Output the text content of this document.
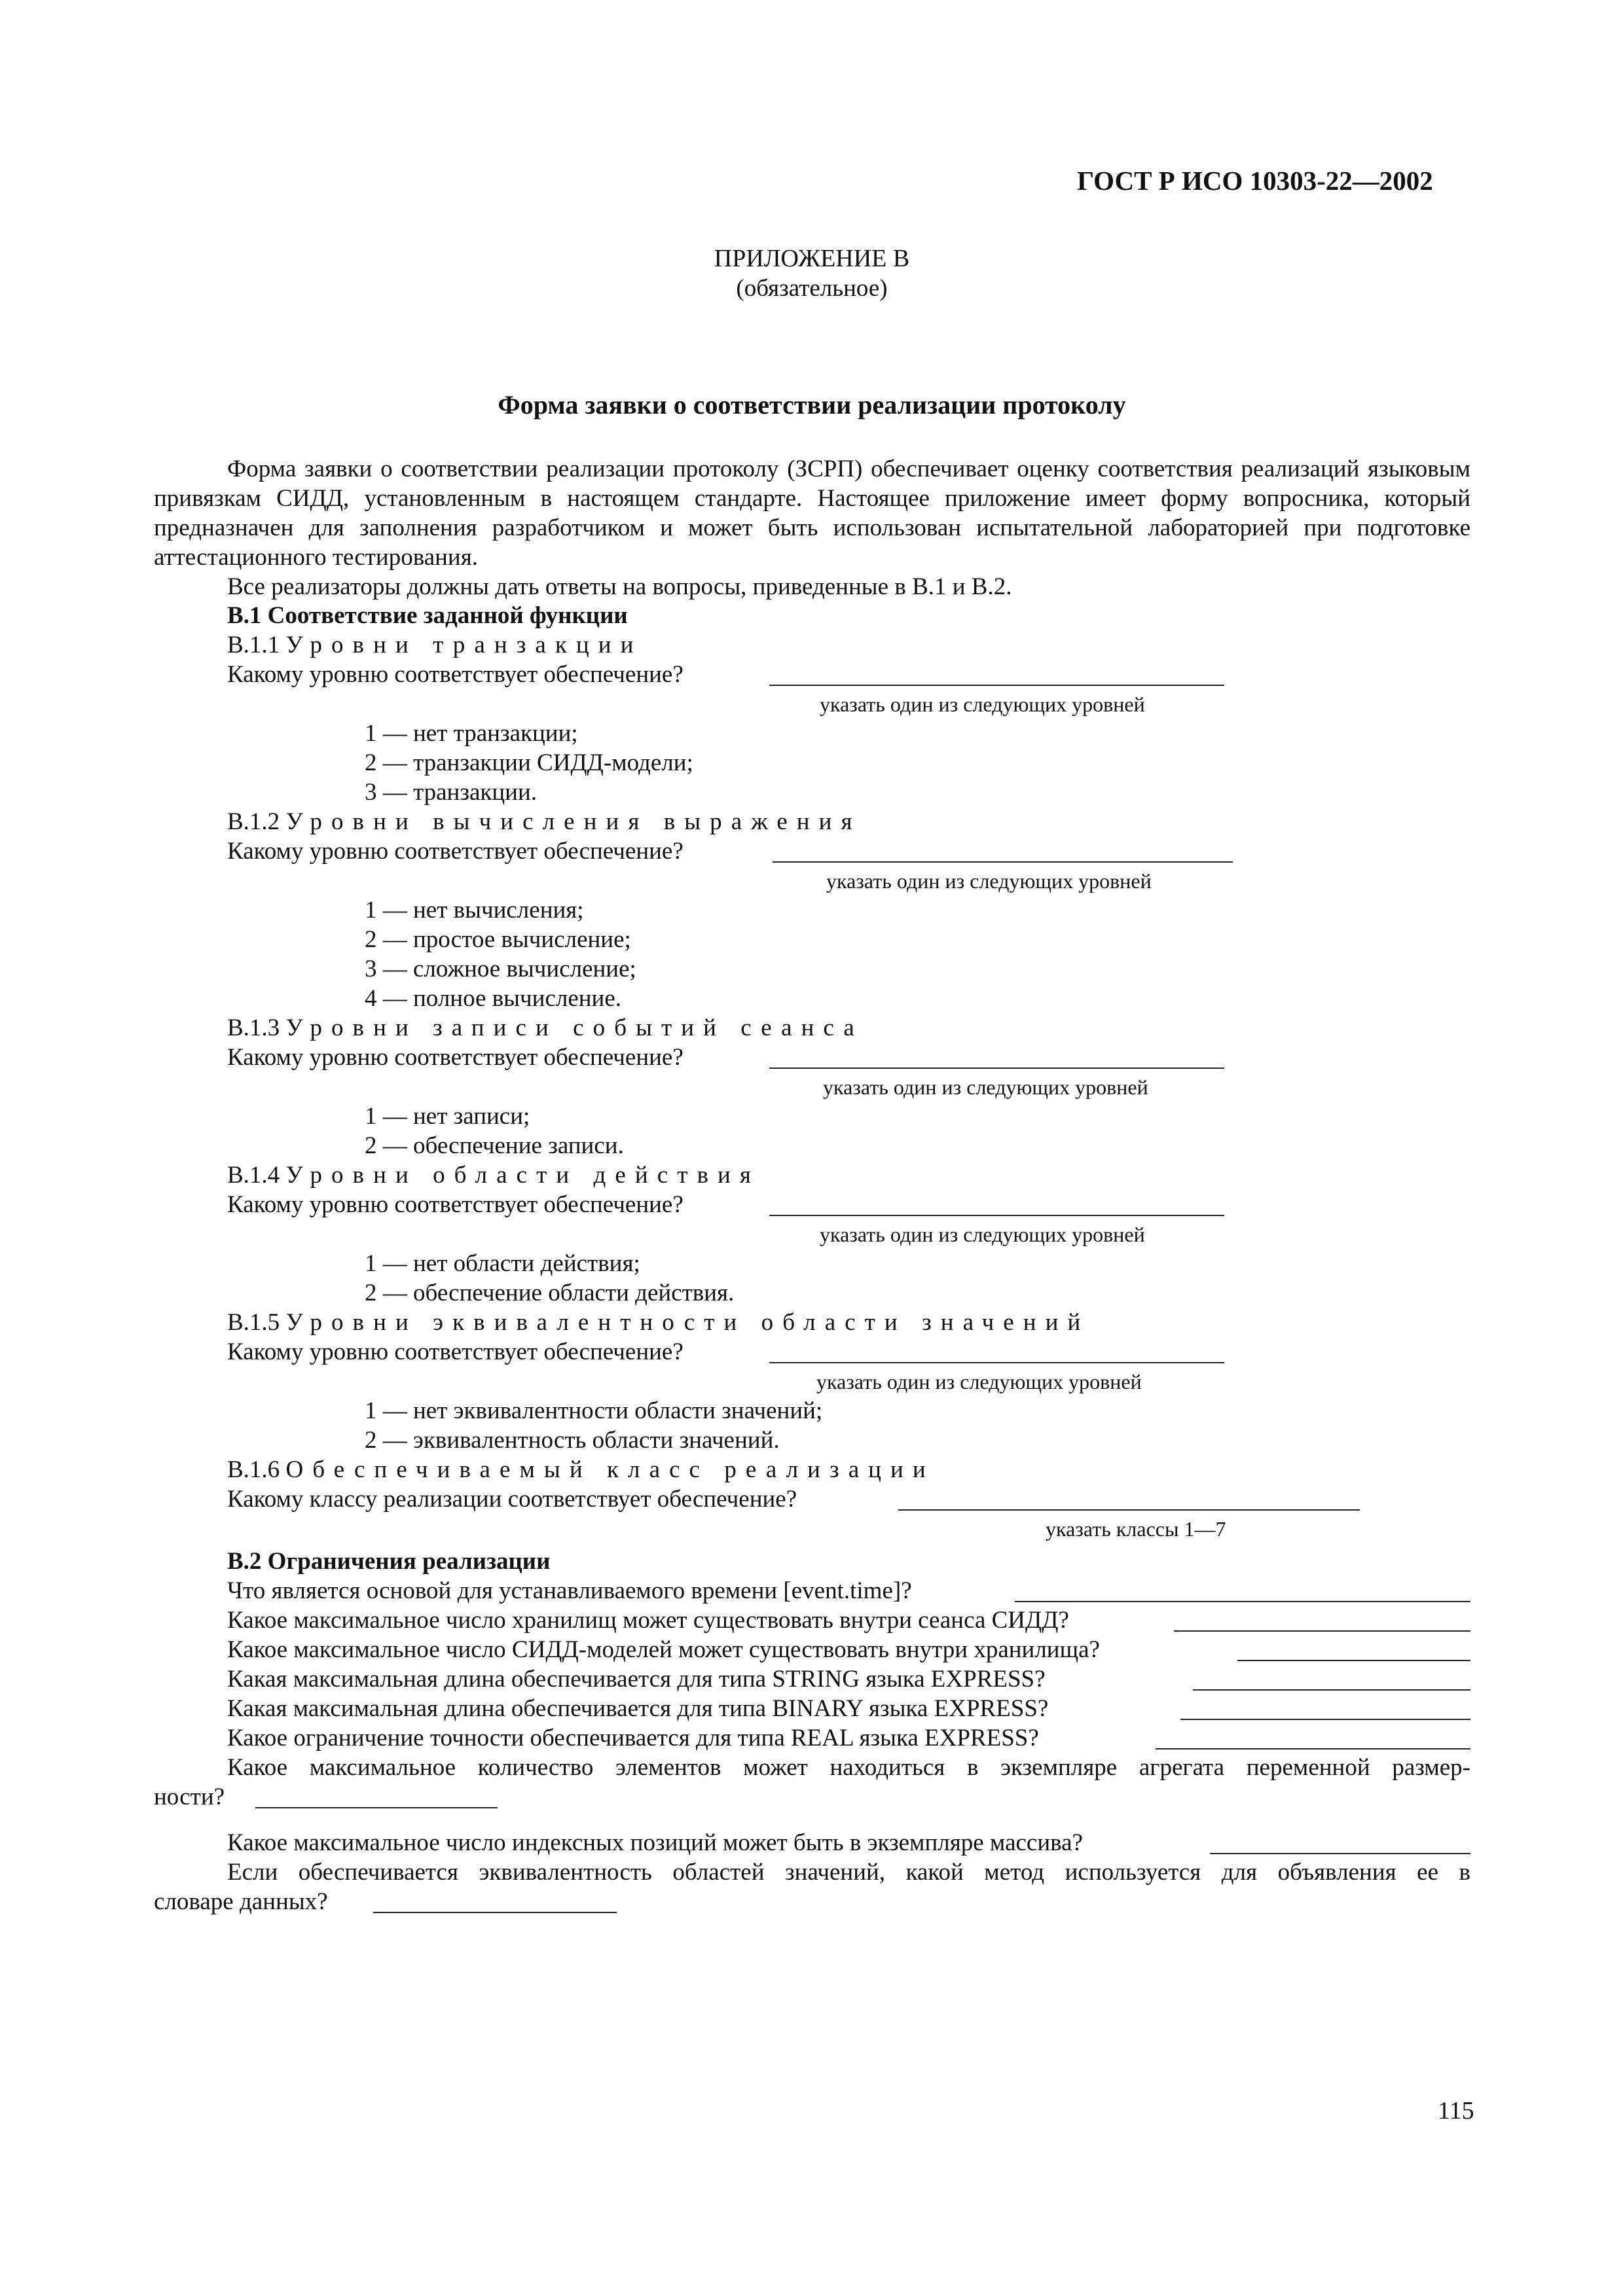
ГОСТ Р ИСО 10303-22—2002
ПРИЛОЖЕНИЕ В
(обязательное)
Форма заявки о соответствии реализации протоколу
Форма заявки о соответствии реализации протоколу (ЗСРП) обеспечивает оценку соответствия реализаций языковым привязкам СИДД, установленным в настоящем стандарте. Настоящее приложение имеет форму вопросника, который предназначен для заполнения разработчиком и может быть использован испытательной лабораторией при подготовке аттестационного тестирования.
Все реализаторы должны дать ответы на вопросы, приведенные в В.1 и В.2.
В.1 Соответствие заданной функции
В.1.1 Уровни транзакции
Какому уровню соответствует обеспечение?
указать один из следующих уровней
1 — нет транзакции;
2 — транзакции СИДД-модели;
3 — транзакции.
В.1.2 Уровни вычисления выражения
Какому уровню соответствует обеспечение?
указать один из следующих уровней
1 — нет вычисления;
2 — простое вычисление;
3 — сложное вычисление;
4 — полное вычисление.
В.1.3 Уровни записи событий сеанса
Какому уровню соответствует обеспечение?
указать один из следующих уровней
1 — нет записи;
2 — обеспечение записи.
В.1.4 Уровни области действия
Какому уровню соответствует обеспечение?
указать один из следующих уровней
1 — нет области действия;
2 — обеспечение области действия.
В.1.5 Уровни эквивалентности области значений
Какому уровню соответствует обеспечение?
указать один из следующих уровней
1 — нет эквивалентности области значений;
2 — эквивалентность области значений.
В.1.6 Обеспечиваемый класс реализации
Какому классу реализации соответствует обеспечение?
указать классы 1—7
В.2 Ограничения реализации
Что является основой для устанавливаемого времени [event.time]?
Какое максимальное число хранилищ может существовать внутри сеанса СИДД?
Какое максимальное число СИДД-моделей может существовать внутри хранилища?
Какая максимальная длина обеспечивается для типа STRING языка EXPRESS?
Какая максимальная длина обеспечивается для типа BINARY языка EXPRESS?
Какое ограничение точности обеспечивается для типа REAL языка EXPRESS?
Какое максимальное количество элементов может находиться в экземпляре агрегата переменной размер-
ности?
Какое максимальное число индексных позиций может быть в экземпляре массива?
Если обеспечивается эквивалентность областей значений, какой метод используется для объявления ее в
словаре данных?
115
